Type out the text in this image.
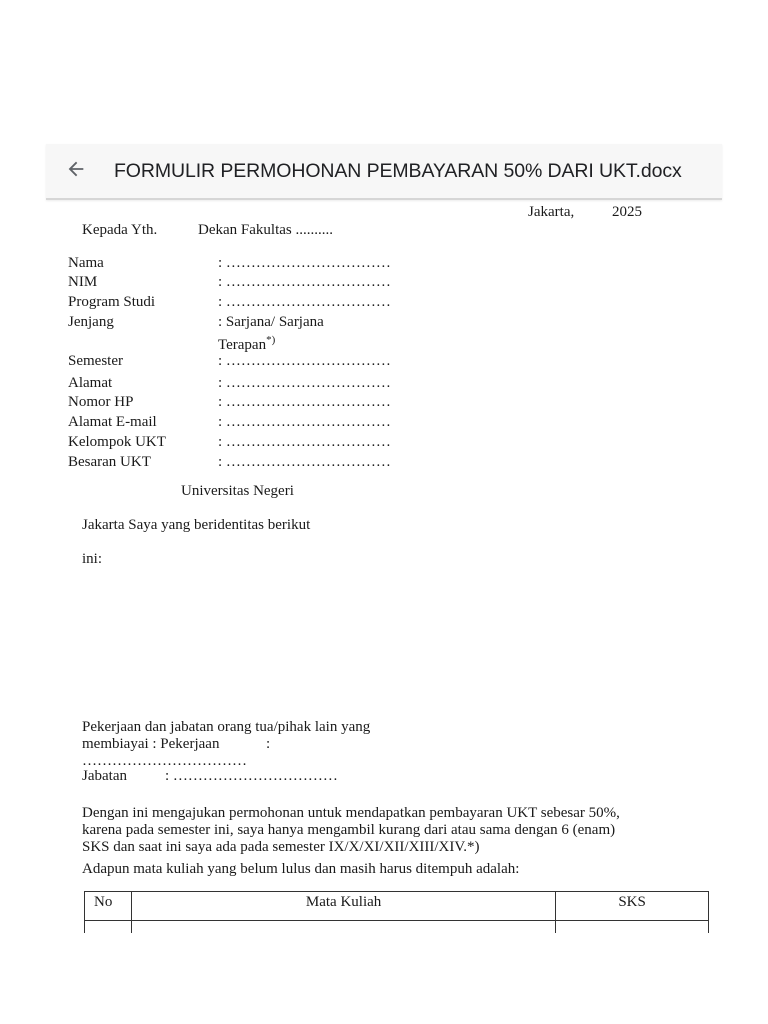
FORMULIR PERMOHONAN PEMBAYARAN 50% DARI UKT.docx
Jakarta,	2025
Kepada Yth.	Dekan Fakultas ..........
Nama	: ……………………………
NIM	: ……………………………
Program Studi	: ……………………………
Jenjang	: Sarjana/ Sarjana
Terapan*)
Semester	: ……………………………
Alamat	: ……………………………
Nomor HP	: ……………………………
Alamat E-mail	: ……………………………
Kelompok UKT	: ……………………………
Besaran UKT	: ……………………………
Universitas Negeri
Jakarta Saya yang beridentitas berikut
ini:
Pekerjaan dan jabatan orang tua/pihak lain yang
membiayai : Pekerjaan	:
……………………………
Jabatan	: ……………………………
Dengan ini mengajukan permohonan untuk mendapatkan pembayaran UKT sebesar 50%,
karena pada semester ini, saya hanya mengambil kurang dari atau sama dengan 6 (enam)
SKS dan saat ini saya ada pada semester IX/X/XI/XII/XIII/XIV.*)
Adapun mata kuliah yang belum lulus dan masih harus ditempuh adalah:
No	Mata Kuliah	SKS
